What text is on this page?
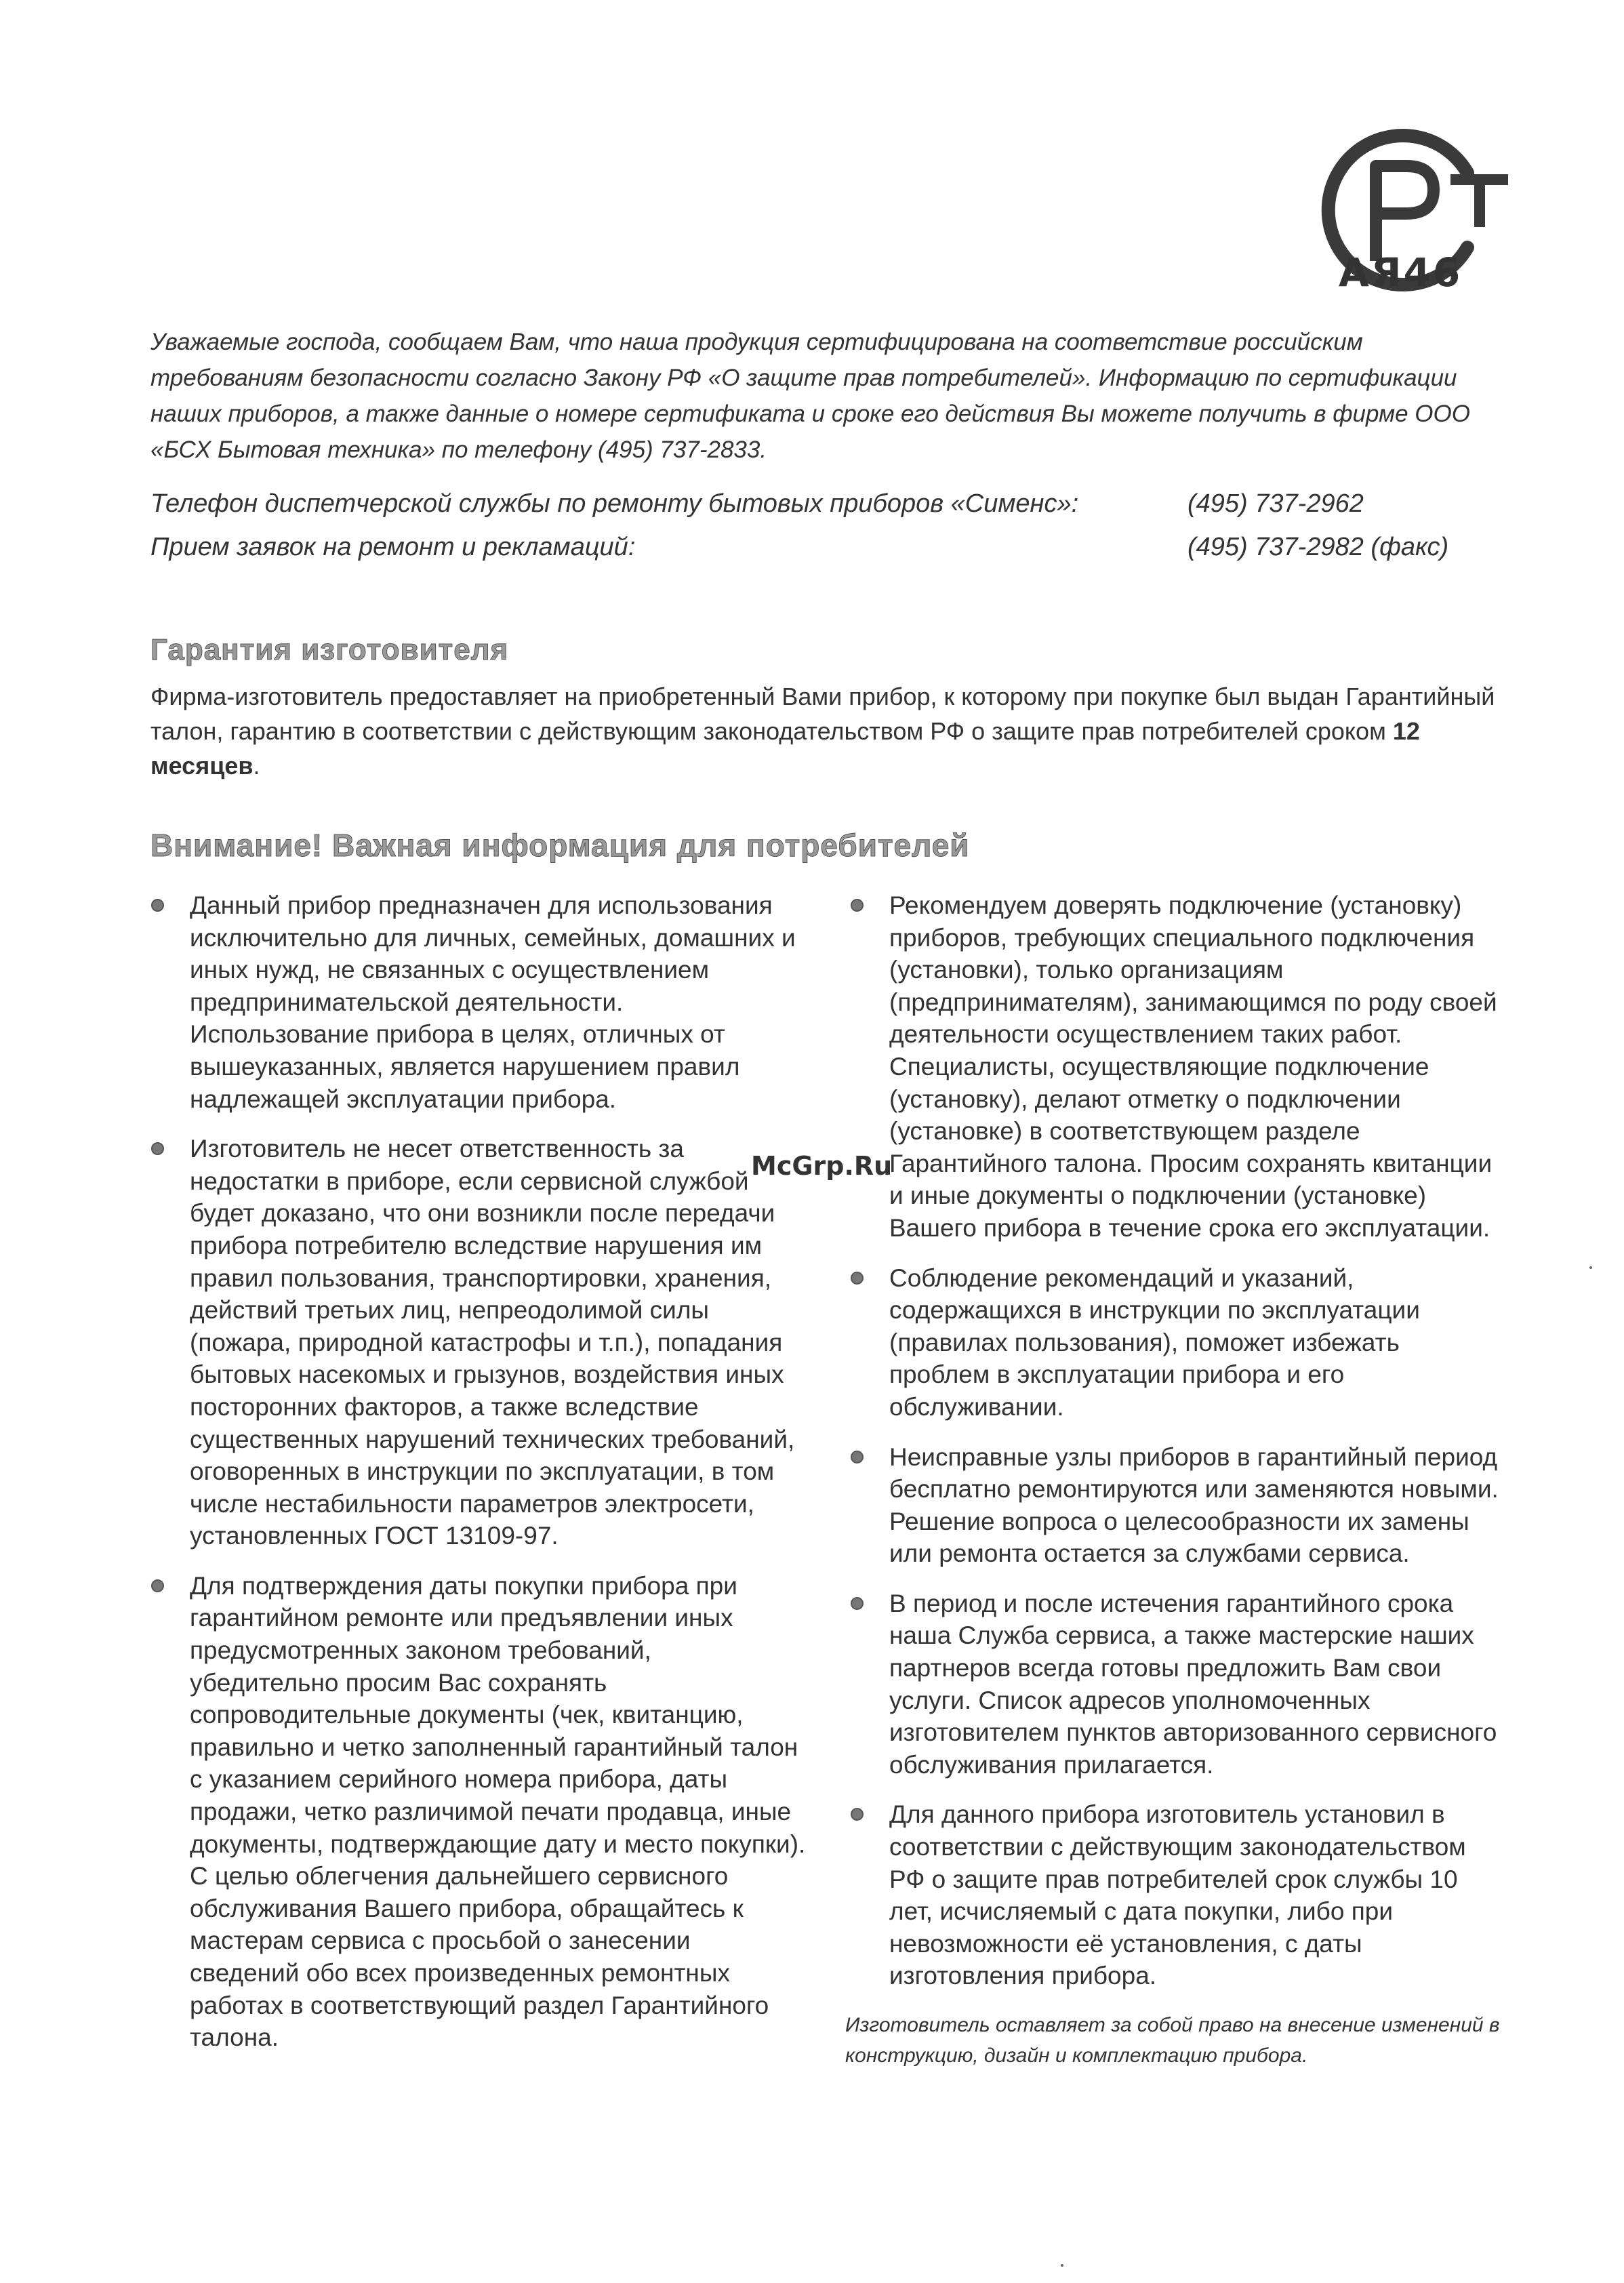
АЯ46
Уважаемые господа, сообщаем Вам, что наша продукция сертифицирована на соответствие российским требованиям безопасности согласно Закону РФ «О защите прав потребителей». Информацию по сертификации наших приборов, а также данные о номере сертификата и сроке его действия Вы можете получить в фирме ООО «БСХ Бытовая техника» по телефону (495) 737-2833.
Телефон диспетчерской службы по ремонту бытовых приборов «Сименс»:	(495) 737-2962
Прием заявок на ремонт и рекламаций:	(495) 737-2982 (факс)
Гарантия изготовителя
Фирма-изготовитель предоставляет на приобретенный Вами прибор, к которому при покупке был выдан Гарантийный талон, гарантию в соответствии с действующим законодательством РФ о защите прав потребителей сроком 12 месяцев.
Внимание! Важная информация для потребителей
Данный прибор предназначен для использования исключительно для личных, семейных, домашних и иных нужд, не связанных с осуществлением предпринимательской деятельности. Использование прибора в целях, отличных от вышеуказанных, является нарушением правил надлежащей эксплуатации прибора.
Изготовитель не несет ответственность за недостатки в приборе, если сервисной службой будет доказано, что они возникли после передачи прибора потребителю вследствие нарушения им правил пользования, транспортировки, хранения, действий третьих лиц, непреодолимой силы (пожара, природной катастрофы и т.п.), попадания бытовых насекомых и грызунов, воздействия иных посторонних факторов, а также вследствие существенных нарушений технических требований, оговоренных в инструкции по эксплуатации, в том числе нестабильности параметров электросети, установленных ГОСТ 13109-97.
Для подтверждения даты покупки прибора при гарантийном ремонте или предъявлении иных предусмотренных законом требований, убедительно просим Вас сохранять сопроводительные документы (чек, квитанцию, правильно и четко заполненный гарантийный талон с указанием серийного номера прибора, даты продажи, четко различимой печати продавца, иные документы, подтверждающие дату и место покупки). С целью облегчения дальнейшего сервисного обслуживания Вашего прибора, обращайтесь к мастерам сервиса с просьбой о занесении сведений обо всех произведенных ремонтных работах в соответствующий раздел Гарантийного талона.
Рекомендуем доверять подключение (установку) приборов, требующих специального подключения (установки), только организациям (предпринимателям), занимающимся по роду своей деятельности осуществлением таких работ. Специалисты, осуществляющие подключение (установку), делают отметку о подключении (установке) в соответствующем разделе Гарантийного талона. Просим сохранять квитанции и иные документы о подключении (установке) Вашего прибора в течение срока его эксплуатации.
Соблюдение рекомендаций и указаний, содержащихся в инструкции по эксплуатации (правилах пользования), поможет избежать проблем в эксплуатации прибора и его обслуживании.
Неисправные узлы приборов в гарантийный период бесплатно ремонтируются или заменяются новыми. Решение вопроса о целесообразности их замены или ремонта остается за службами сервиса.
В период и после истечения гарантийного срока наша Служба сервиса, а также мастерские наших партнеров всегда готовы предложить Вам свои услуги. Список адресов уполномоченных изготовителем пунктов авторизованного сервисного обслуживания прилагается.
Для данного прибора изготовитель установил в соответствии с действующим законодательством РФ о защите прав потребителей срок службы 10 лет, исчисляемый с дата покупки, либо при невозможности её установления, с даты изготовления прибора.
Изготовитель оставляет за собой право на внесение изменений в конструкцию, дизайн и комплектацию прибора.
McGrp.Ru
